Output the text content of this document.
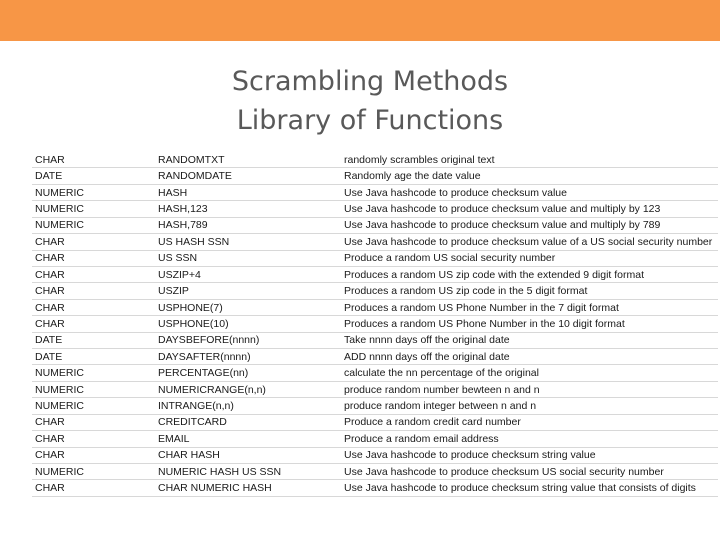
Scrambling Methods
Library of Functions
CHAR	RANDOMTXT	randomly scrambles original text
DATE	RANDOMDATE	Randomly age the date value
NUMERIC	HASH	Use Java hashcode to produce checksum value
NUMERIC	HASH,123	Use Java hashcode to produce checksum value and multiply by 123
NUMERIC	HASH,789	Use Java hashcode to produce checksum value and multiply by 789
CHAR	US HASH SSN	Use Java hashcode to produce checksum value of a US social security number
CHAR	US SSN	Produce a random US social security number
CHAR	USZIP+4	Produces a random US zip code with the extended 9 digit format
CHAR	USZIP	Produces a random US zip code in the 5 digit format
CHAR	USPHONE(7)	Produces a random US Phone Number in the 7 digit format
CHAR	USPHONE(10)	Produces a random US Phone Number in the 10 digit format
DATE	DAYSBEFORE(nnnn)	Take nnnn days off the original date
DATE	DAYSAFTER(nnnn)	ADD nnnn days off the original date
NUMERIC	PERCENTAGE(nn)	calculate the nn percentage of the original
NUMERIC	NUMERICRANGE(n,n)	produce random number bewteen n and n
NUMERIC	INTRANGE(n,n)	produce random integer between n and n
CHAR	CREDITCARD	Produce a random credit card number
CHAR	EMAIL	Produce a random email address
CHAR	CHAR HASH	Use Java hashcode to produce checksum string value
NUMERIC	NUMERIC HASH US SSN	Use Java hashcode to produce checksum US social security number
CHAR	CHAR NUMERIC HASH	Use Java hashcode to produce checksum string value that consists of digits
